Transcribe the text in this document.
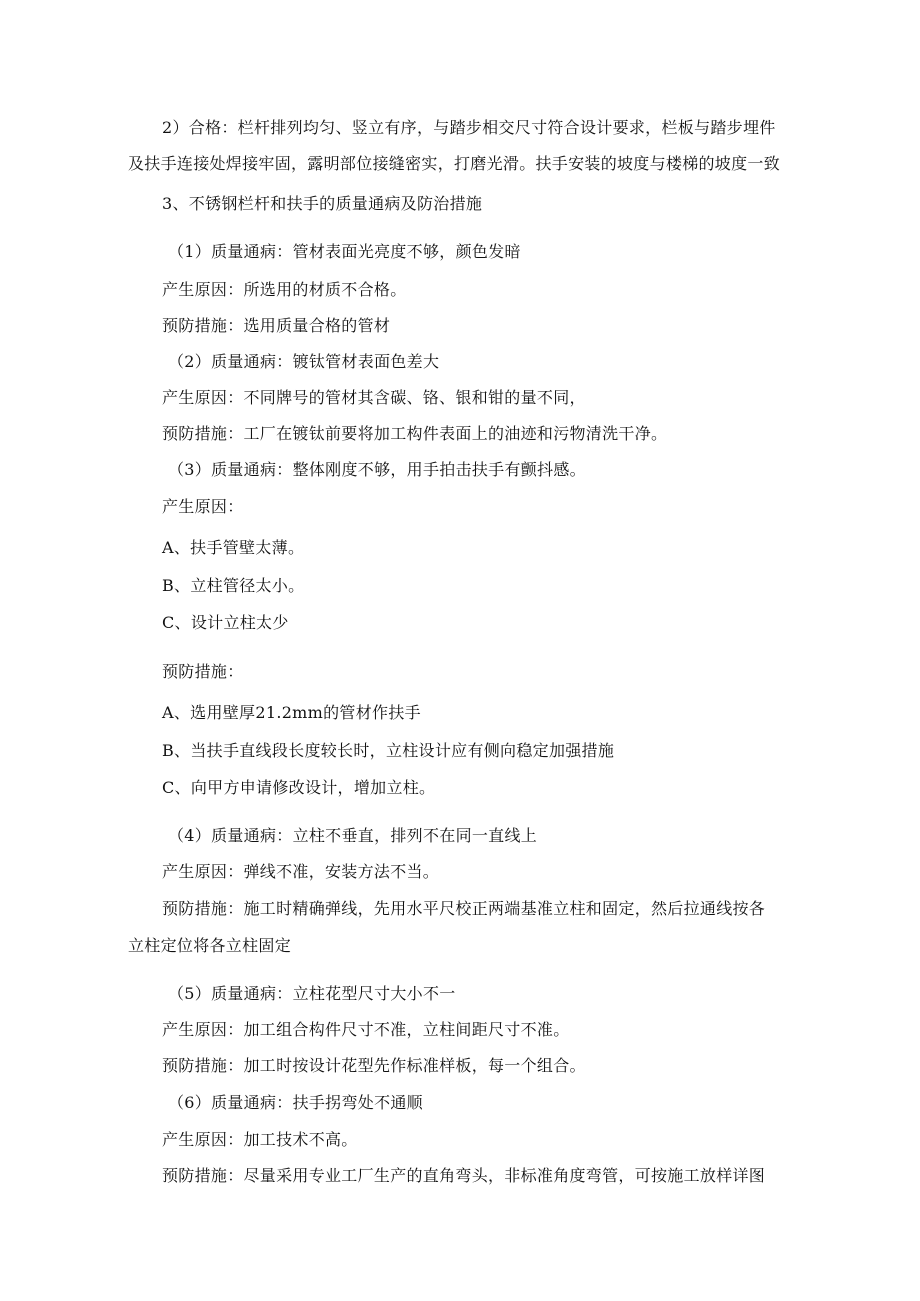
2）合格：栏杆排列均匀、竖立有序，与踏步相交尺寸符合设计要求，栏板与踏步埋件
及扶手连接处焊接牢固，露明部位接缝密实，打磨光滑。扶手安装的坡度与楼梯的坡度一致
3、不锈钢栏杆和扶手的质量通病及防治措施
（1）质量通病：管材表面光亮度不够，颜色发暗
产生原因：所选用的材质不合格。
预防措施：选用质量合格的管材
（2）质量通病：镀钛管材表面色差大
产生原因：不同牌号的管材其含碳、铬、银和钳的量不同，
预防措施：工厂在镀钛前要将加工构件表面上的油迹和污物清洗干净。
（3）质量通病：整体刚度不够，用手拍击扶手有颤抖感。
产生原因：
A、扶手管壁太薄。
B、立柱管径太小。
C、设计立柱太少
预防措施：
A、选用壁厚21.2mm的管材作扶手
B、当扶手直线段长度较长时，立柱设计应有侧向稳定加强措施
C、向甲方申请修改设计，增加立柱。
（4）质量通病：立柱不垂直，排列不在同一直线上
产生原因：弹线不准，安装方法不当。
预防措施：施工时精确弹线，先用水平尺校正两端基准立柱和固定，然后拉通线按各
立柱定位将各立柱固定
（5）质量通病：立柱花型尺寸大小不一
产生原因：加工组合构件尺寸不准，立柱间距尺寸不准。
预防措施：加工时按设计花型先作标准样板，每一个组合。
（6）质量通病：扶手拐弯处不通顺
产生原因：加工技术不高。
预防措施：尽量采用专业工厂生产的直角弯头，非标准角度弯管，可按施工放样详图
